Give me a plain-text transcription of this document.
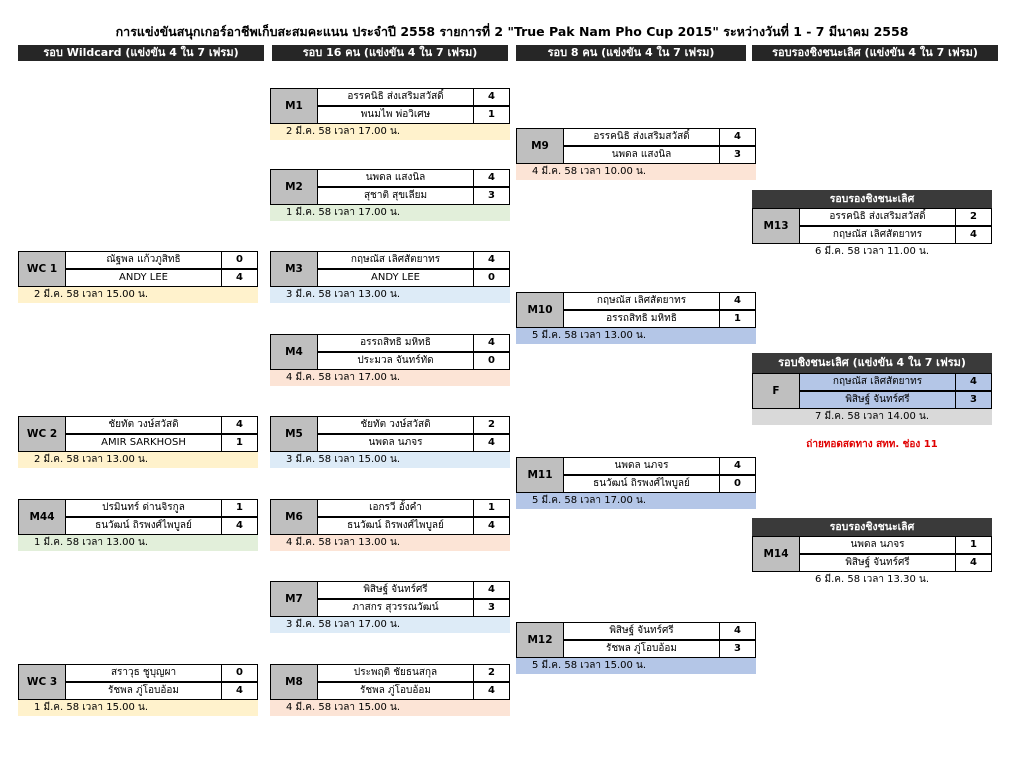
การแข่งขันสนุกเกอร์อาชีพเก็บสะสมคะแนน ประจำปี 2558 รายการที่ 2 "True Pak Nam Pho Cup 2015" ระหว่างวันที่ 1 - 7 มีนาคม 2558
รอบ Wildcard (แข่งขัน 4 ใน 7 เฟรม)	รอบ 16 คน (แข่งขัน 4 ใน 7 เฟรม)	รอบ 8 คน (แข่งขัน 4 ใน 7 เฟรม)	รอบรองชิงชนะเลิศ (แข่งขัน 4 ใน 7 เฟรม)
M1
อรรคนิธิ ส่งเสริมสวัสดิ์	4
พนมไพ พ่อวิเศษ	1
2 มี.ค. 58 เวลา 17.00 น.
M2
นพดล แสงนิล	4
สุชาติ สุขเลียม	3
1 มี.ค. 58 เวลา 17.00 น.
M3
กฤษณัส เลิศสัตยาทร	4
ANDY LEE	0
3 มี.ค. 58 เวลา 13.00 น.
M4
อรรถสิทธิ มหิทธิ	4
ประมวล จันทร์ทัด	0
4 มี.ค. 58 เวลา 17.00 น.
M5
ชัยทัต วงษ์สวัสดิ	2
นพดล นภจร	4
3 มี.ค. 58 เวลา 15.00 น.
M6
เอกรวี อั้งคำ	1
ธนวัฒน์ ถิรพงศ์ไพบูลย์	4
4 มี.ค. 58 เวลา 13.00 น.
M7
พิสิษฐ์ จันทร์ศรี	4
ภาสกร สุวรรณวัฒน์	3
3 มี.ค. 58 เวลา 17.00 น.
M8
ประพฤติ ชัยธนสกุล	2
รัชพล ภู่โอบอ้อม	4
4 มี.ค. 58 เวลา 15.00 น.
WC 1
ณัฐพล แก้วภูสิทธิ	0
ANDY LEE	4
2 มี.ค. 58 เวลา 15.00 น.
WC 2
ชัยทัต วงษ์สวัสดิ	4
AMIR SARKHOSH	1
2 มี.ค. 58 เวลา 13.00 น.
M44
ปรมินทร์ ด่านจิรกูล	1
ธนวัฒน์ ถิรพงศ์ไพบูลย์	4
1 มี.ค. 58 เวลา 13.00 น.
WC 3
สราวุธ ชูบุญผา	0
รัชพล ภู่โอบอ้อม	4
1 มี.ค. 58 เวลา 15.00 น.
M9
อรรคนิธิ ส่งเสริมสวัสดิ์	4
นพดล แสงนิล	3
4 มี.ค. 58 เวลา 10.00 น.
M10
กฤษณัส เลิศสัตยาทร	4
อรรถสิทธิ มหิทธิ	1
5 มี.ค. 58 เวลา 13.00 น.
M11
นพดล นภจร	4
ธนวัฒน์ ถิรพงศ์ไพบูลย์	0
5 มี.ค. 58 เวลา 17.00 น.
M12
พิสิษฐ์ จันทร์ศรี	4
รัชพล ภู่โอบอ้อม	3
5 มี.ค. 58 เวลา 15.00 น.
รอบรองชิงชนะเลิศ
M13
อรรคนิธิ ส่งเสริมสวัสดิ์	2
กฤษณัส เลิศสัตยาทร	4
6 มี.ค. 58 เวลา 11.00 น.
รอบชิงชนะเลิศ (แข่งขัน 4 ใน 7 เฟรม)
F
กฤษณัส เลิศสัตยาทร	4
พิสิษฐ์ จันทร์ศรี	3
7 มี.ค. 58 เวลา 14.00 น.
ถ่ายทอดสดทาง สทท. ช่อง 11
รอบรองชิงชนะเลิศ
M14
นพดล นภจร	1
พิสิษฐ์ จันทร์ศรี	4
6 มี.ค. 58 เวลา 13.30 น.
